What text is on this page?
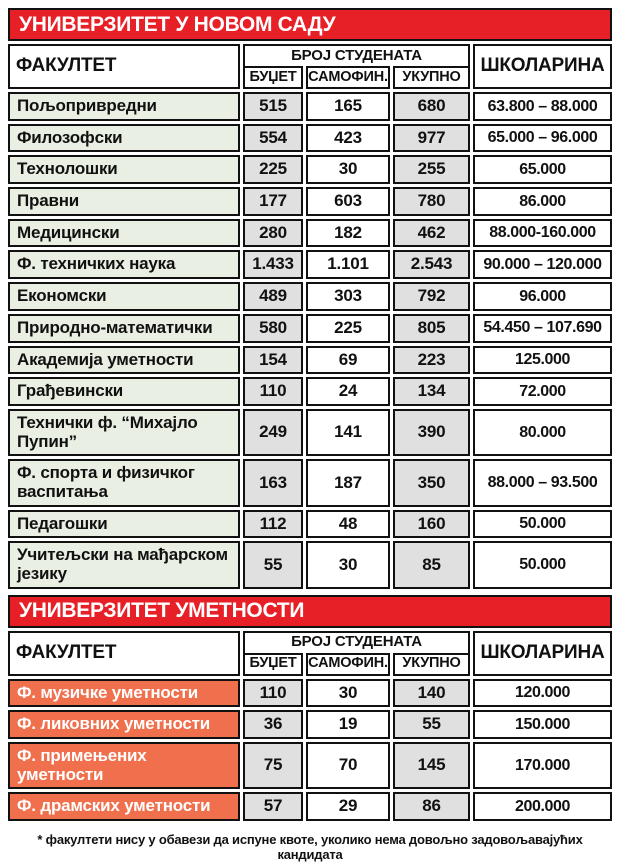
УНИВЕРЗИТЕТ У НОВОМ САДУ
ФАКУЛТЕТ	БРОЈ СТУДЕНАТА	ШКОЛАРИНА
БУЏЕТ САМОФИН.	УКУПНО
Пољопривредни	515	165	680	63.800 – 88.000
Филозофски	554	423	977	65.000 – 96.000
Технолошки	225	30	255	65.000
Правни	177	603	780	86.000
Медицински	280	182	462	88.000-160.000
Ф. техничких наука	1.433	1.101	2.543	90.000 – 120.000
Економски	489	303	792	96.000
Природно-математички	580	225	805	54.450 – 107.690
Академија уметности	154	69	223	125.000
Грађевински	110	24	134	72.000
Технички ф. “Михајло Пупин”	249	141	390	80.000
Ф. спорта и физичког васпитања	163	187	350	88.000 – 93.500
Педагошки	112	48	160	50.000
Учитељски на мађарском језику	55	30	85	50.000
УНИВЕРЗИТЕТ УМЕТНОСТИ
ФАКУЛТЕТ	БРОЈ СТУДЕНАТА	ШКОЛАРИНА
БУЏЕТ САМОФИН.	УКУПНО
Ф. музичке уметности	110	30	140	120.000
Ф. ликовних уметности	36	19	55	150.000
Ф. примењених уметности	75	70	145	170.000
Ф. драмских уметности	57	29	86	200.000
* факултети нису у обавези да испуне квоте, уколико нема довољно задовољавајућих кандидата
